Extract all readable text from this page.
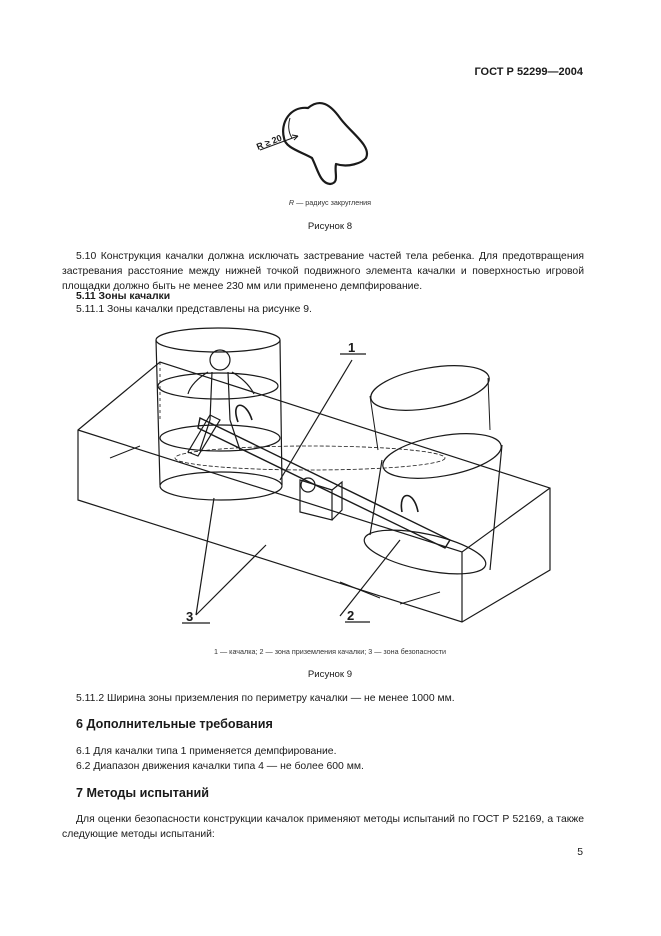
ГОСТ Р 52299—2004
R ≥ 20
R — радиус закругления
Рисунок 8
5.10 Конструкция качалки должна исключать застревание частей тела ребенка. Для предотвращения застревания расстояние между нижней точкой подвижного элемента качалки и поверхностью игровой площадки должно быть не менее 230 мм или применено демпфирование.
5.11 Зоны качалки
5.11.1 Зоны качалки представлены на рисунке 9.
1
3	2
1 — качалка; 2 — зона приземления качалки; 3 — зона безопасности
Рисунок 9
5.11.2 Ширина зоны приземления по периметру качалки — не менее 1000 мм.
6 Дополнительные требования
6.1 Для качалки типа 1 применяется демпфирование.
6.2 Диапазон движения качалки типа 4 — не более 600 мм.
7 Методы испытаний
Для оценки безопасности конструкции качалок применяют методы испытаний по ГОСТ Р 52169, а также следующие методы испытаний:
5
